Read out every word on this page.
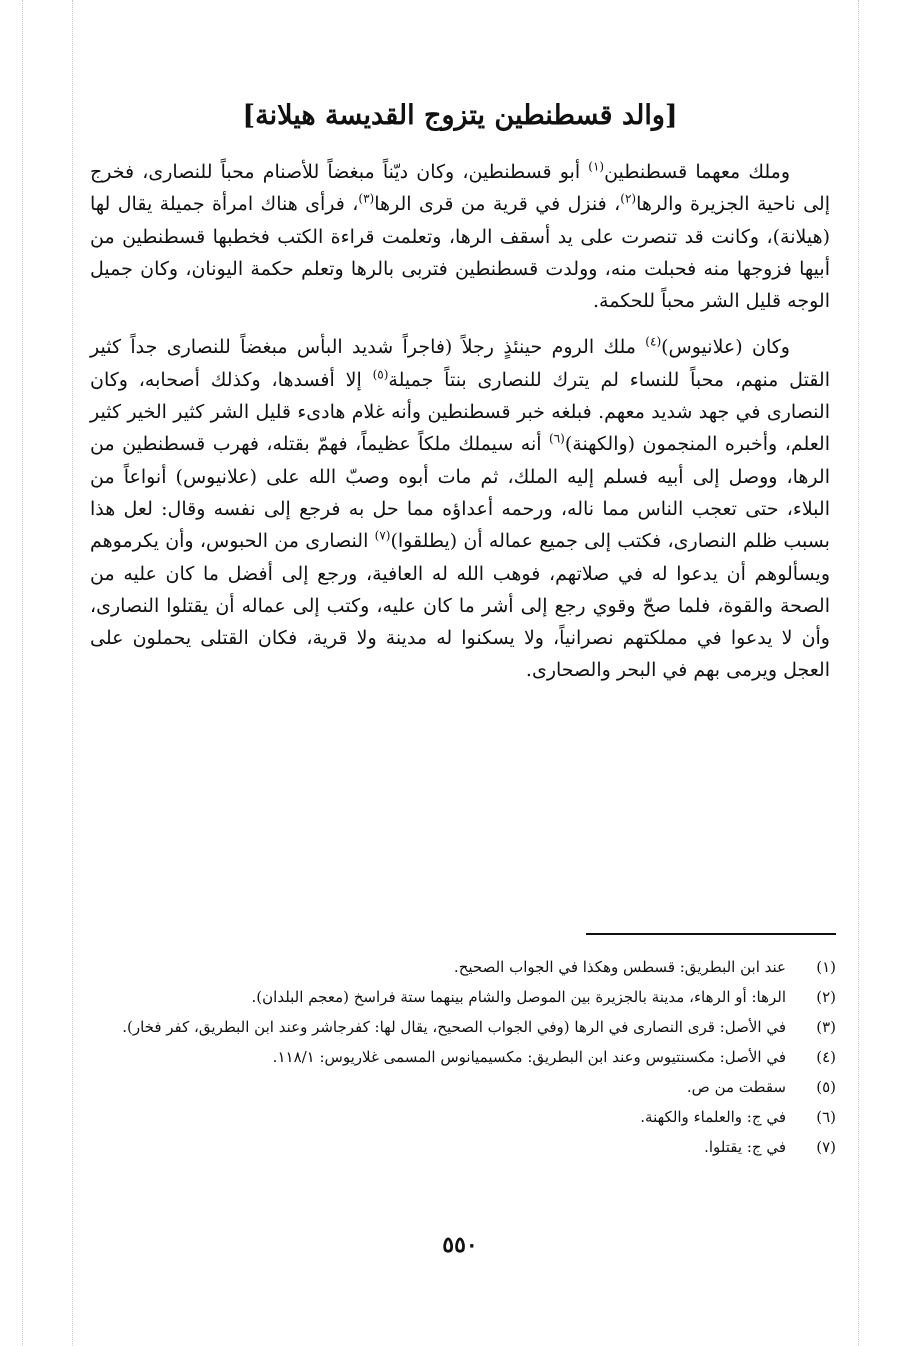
[والد قسطنطين يتزوج القديسة هيلانة]

وملك معهما قسطنطين$^{(١)}$ أبو قسطنطين، وكان ديّناً مبغضاً للأصنام محباً للنصارى، فخرج إلى ناحية الجزيرة والرها$^{(٢)}$، فنزل في قرية من قرى الرها$^{(٣)}$، فرأى هناك امرأة جميلة يقال لها (هيلانة)، وكانت قد تنصرت على يد أسقف الرها، وتعلمت قراءة الكتب فخطبها قسطنطين من أبيها فزوجها منه فحبلت منه، وولدت قسطنطين فتربى بالرها وتعلم حكمة اليونان، وكان جميل الوجه قليل الشر محباً للحكمة.

وكان (علانيوس)$^{(٤)}$ ملك الروم حينئذٍ رجلاً (فاجراً شديد البأس مبغضاً للنصارى جداً كثير القتل منهم، محباً للنساء لم يترك للنصارى بنتاً جميلة$^{(٥)}$ إلا أفسدها، وكذلك أصحابه، وكان النصارى في جهد شديد معهم. فبلغه خبر قسطنطين وأنه غلام هادىء قليل الشر كثير الخير كثير العلم، وأخبره المنجمون (والكهنة)$^{(٦)}$ أنه سيملك ملكاً عظيماً، فهمّ بقتله، فهرب قسطنطين من الرها، ووصل إلى أبيه فسلم إليه الملك، ثم مات أبوه وصبّ الله على (علانيوس) أنواعاً من البلاء، حتى تعجب الناس مما ناله، ورحمه أعداؤه مما حل به فرجع إلى نفسه وقال: لعل هذا بسبب ظلم النصارى، فكتب إلى جميع عماله أن (يطلقوا)$^{(٧)}$ النصارى من الحبوس، وأن يكرموهم ويسألوهم أن يدعوا له في صلاتهم، فوهب الله له العافية، ورجع إلى أفضل ما كان عليه من الصحة والقوة، فلما صحّ وقوي رجع إلى أشر ما كان عليه، وكتب إلى عماله أن يقتلوا النصارى، وأن لا يدعوا في مملكتهم نصرانياً، ولا يسكنوا له مدينة ولا قرية، فكان القتلى يحملون على العجل ويرمى بهم في البحر والصحارى.

(١)
عند ابن البطريق: قسطس وهكذا في الجواب الصحيح.
(٢)
الرها: أو الرهاء، مدينة بالجزيرة بين الموصل والشام بينهما ستة فراسخ (معجم البلدان).
(٣)
في الأصل: قرى النصارى في الرها (وفي الجواب الصحيح، يقال لها: كفرجاشر وعند ابن البطريق، كفر فخار).
(٤)
في الأصل: مكسنتيوس وعند ابن البطريق: مكسيميانوس المسمى غلاريوس: ١١٨/١.
(٥)
سقطت من ص.
(٦)
في ج: والعلماء والكهنة.
(٧)
في ج: يقتلوا.
٥٥٠
